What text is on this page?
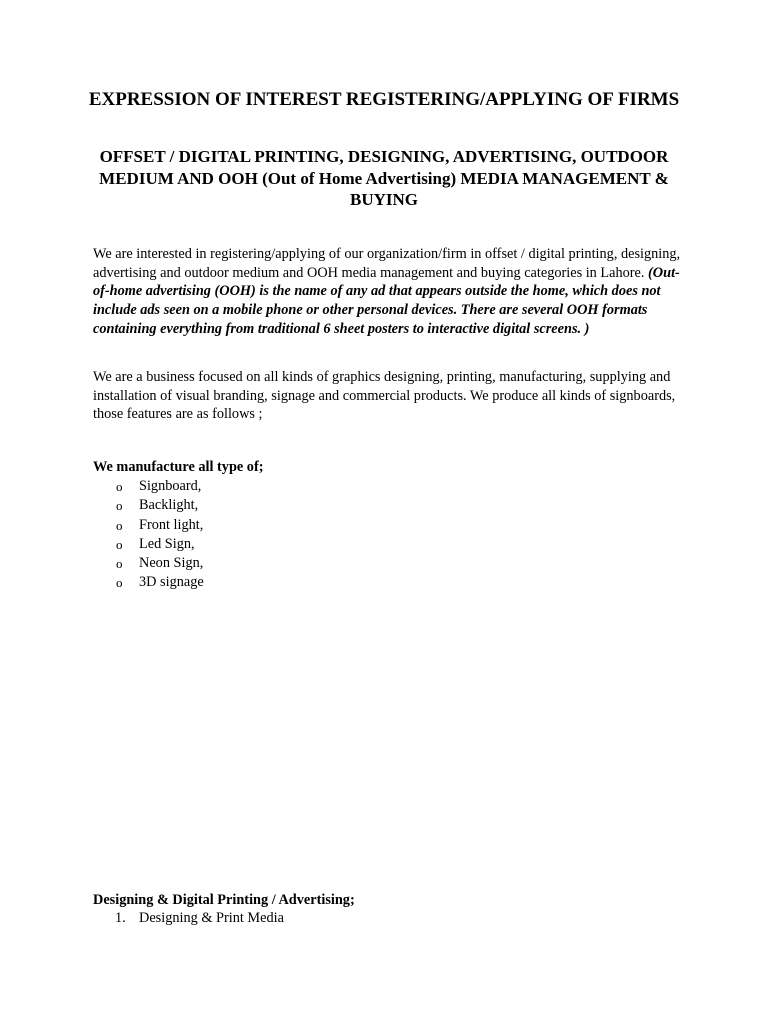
EXPRESSION OF INTEREST REGISTERING/APPLYING OF FIRMS
OFFSET / DIGITAL PRINTING, DESIGNING, ADVERTISING, OUTDOOR MEDIUM AND OOH (Out of Home Advertising) MEDIA MANAGEMENT & BUYING

We are interested in registering/applying of our organization/firm in offset / digital printing, designing, advertising and outdoor medium and OOH media management and buying categories in Lahore. (Out-of-home advertising (OOH) is the name of any ad that appears outside the home, which does not include ads seen on a mobile phone or other personal devices. There are several OOH formats containing everything from traditional 6 sheet posters to interactive digital screens. )

We are a business focused on all kinds of graphics designing, printing, manufacturing, supplying and installation of visual branding, signage and commercial products. We produce all kinds of signboards, those features are as follows ;

We manufacture all type of;

o Signboard,
o Backlight,
o Front light,
o Led Sign,
o Neon Sign,
o 3D signage

Designing & Digital Printing / Advertising;

1. Designing & Print Media
